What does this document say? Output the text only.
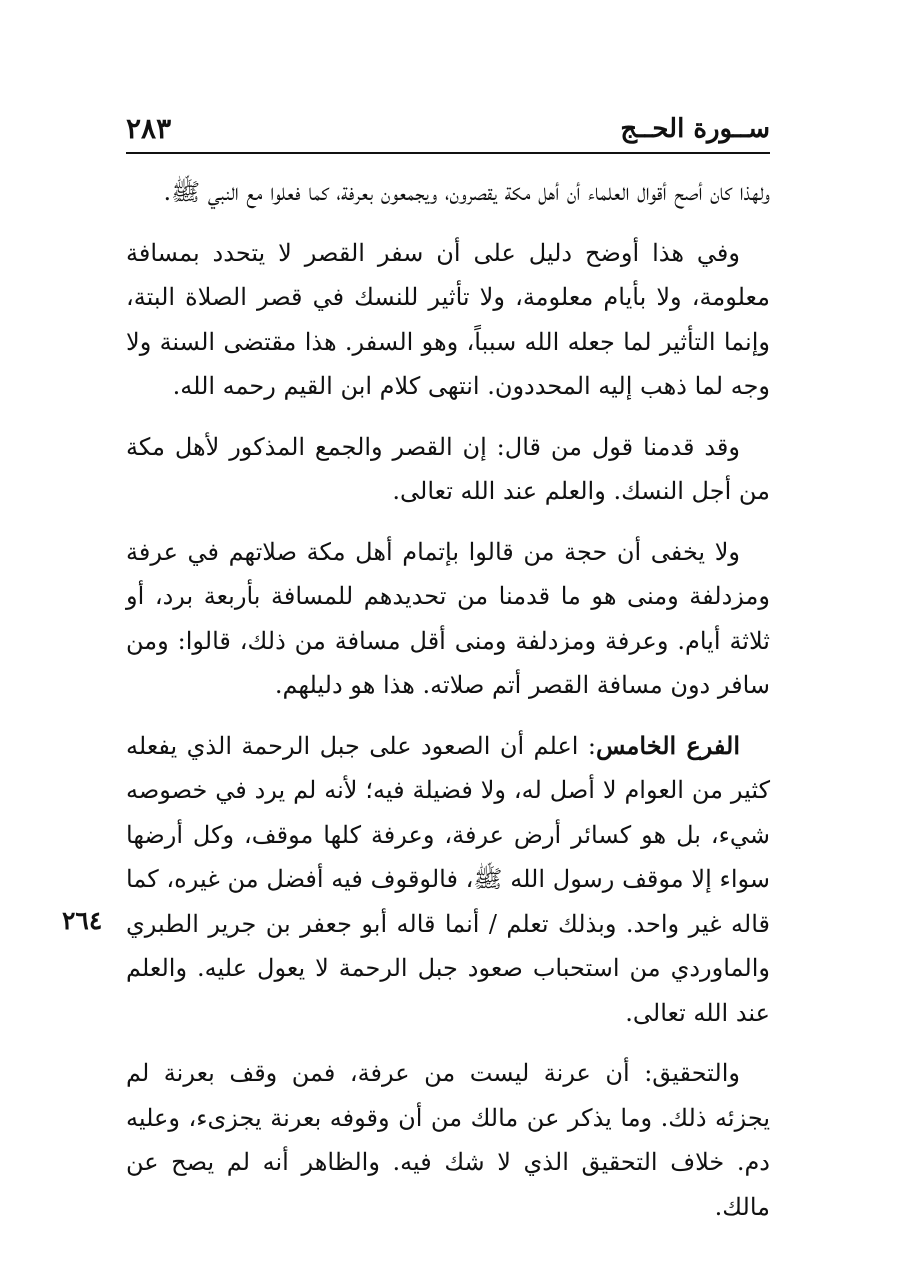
ســورة الحــج
٢٨٣
٢٦٤

ولهذا كان أصح أقوال العلماء أن أهل مكة يقصرون، ويجمعون بعرفة، كما فعلوا مع النبي ﷺ.

وفي هذا أوضح دليل على أن سفر القصر لا يتحدد بمسافة معلومة، ولا بأيام معلومة، ولا تأثير للنسك في قصر الصلاة البتة، وإنما التأثير لما جعله الله سبباً، وهو السفر. هذا مقتضى السنة ولا وجه لما ذهب إليه المحددون. انتهى كلام ابن القيم رحمه الله.

وقد قدمنا قول من قال: إن القصر والجمع المذكور لأهل مكة من أجل النسك. والعلم عند الله تعالى.

ولا يخفى أن حجة من قالوا بإتمام أهل مكة صلاتهم في عرفة ومزدلفة ومنى هو ما قدمنا من تحديدهم للمسافة بأربعة برد، أو ثلاثة أيام. وعرفة ومزدلفة ومنى أقل مسافة من ذلك، قالوا: ومن سافر دون مسافة القصر أتم صلاته. هذا هو دليلهم.

الفرع الخامس: اعلم أن الصعود على جبل الرحمة الذي يفعله كثير من العوام لا أصل له، ولا فضيلة فيه؛ لأنه لم يرد في خصوصه شيء، بل هو كسائر أرض عرفة، وعرفة كلها موقف، وكل أرضها سواء إلا موقف رسول الله ﷺ، فالوقوف فيه أفضل من غيره، كما قاله غير واحد. وبذلك تعلم / أنما قاله أبو جعفر بن جرير الطبري والماوردي من استحباب صعود جبل الرحمة لا يعول عليه. والعلم عند الله تعالى.

والتحقيق: أن عرنة ليست من عرفة، فمن وقف بعرنة لم يجزئه ذلك. وما يذكر عن مالك من أن وقوفه بعرنة يجزىء، وعليه دم. خلاف التحقيق الذي لا شك فيه. والظاهر أنه لم يصح عن مالك.
